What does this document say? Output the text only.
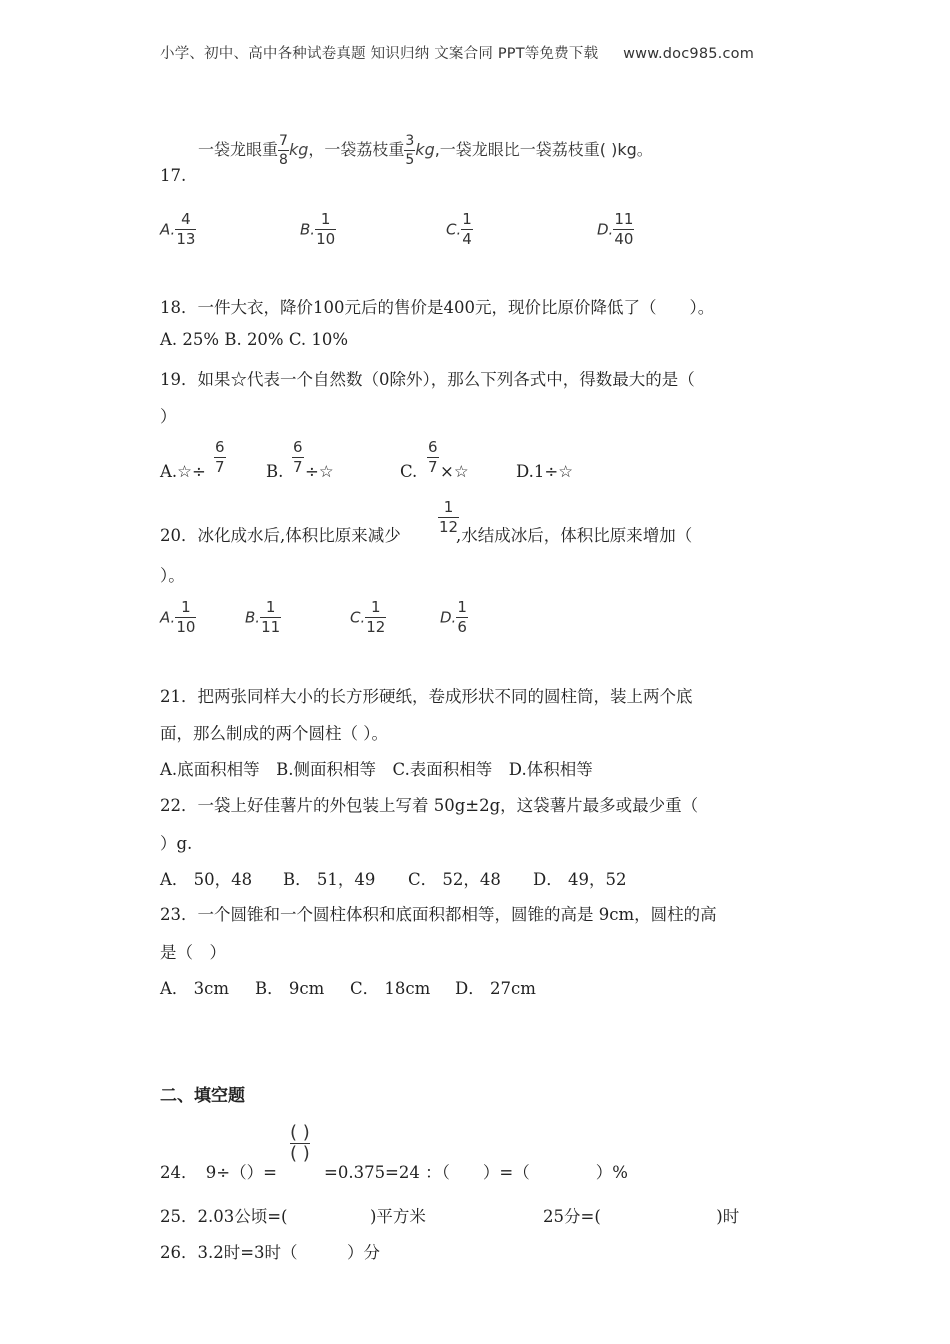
小学、初中、高中各种试卷真题 知识归纳 文案合同 PPT等免费下载 www.doc985.com
17.
一袋龙眼重 $\frac{7}{8}$ kg，一袋荔枝重 $\frac{3}{5}$ kg,一袋龙眼比一袋荔枝重( )kg。
A. $\frac{4}{13}$	B. $\frac{1}{10}$	C. $\frac{1}{4}$	D. $\frac{11}{40}$
18．一件大衣，降价100元后的售价是400元，现价比原价降低了（　　）。
A. 25% B. 20% C. 10%
19．如果☆代表一个自然数（0除外），那么下列各式中，得数最大的是（
）
A.☆÷ $\frac{6}{7} B$. $\frac{6}{7}$ ÷☆	C. $\frac{6}{7}$ ×☆	D.1÷☆
20．冰化成水后,体积比原来减少
$\frac{1}{12}$
,水结成冰后，体积比原来增加（
）。
A. $\frac{1}{10}$	B. $\frac{1}{11}$	C. $\frac{1}{12}$	D. $\frac{1}{6}$
21．把两张同样大小的长方形硬纸，卷成形状不同的圆柱筒，装上两个底
面，那么制成的两个圆柱（ ）。
A.底面积相等　B.侧面积相等　C.表面积相等　D.体积相等
22．一袋上好佳薯片的外包装上写着 50g±2g，这袋薯片最多或最少重（
）g.
A． 50，48 B． 51，49 C． 52，48 D． 49，52
23．一个圆锥和一个圆柱体积和底面积都相等，圆锥的高是 9cm，圆柱的高
是（　）
A． 3cm B． 9cm C． 18cm D． 27cm
二、填空题
24．　9÷（）=
( )
( )
=0.375=24 ：（　　）=（　　　　）%
25．2.03公顷=(　　　　　)平方米	25分=(　　　　　　　)时
26．3.2时=3时（　　　）分
